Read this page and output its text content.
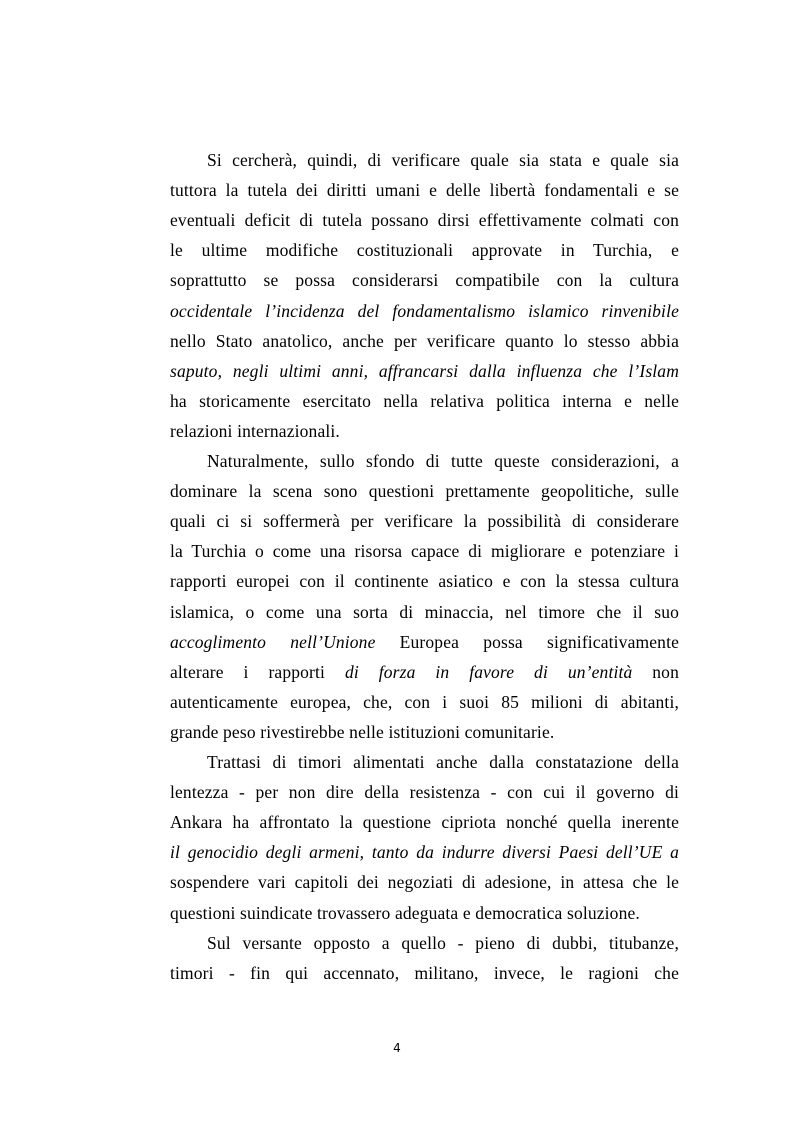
Si cercherà, quindi, di verificare quale sia stata e quale sia
tuttora la tutela dei diritti umani e delle libertà fondamentali e se
eventuali deficit di tutela possano dirsi effettivamente colmati con
le ultime modifiche costituzionali approvate in Turchia, e
soprattutto se possa considerarsi compatibile con la cultura
occidentale l’incidenza del fondamentalismo islamico rinvenibile
nello Stato anatolico, anche per verificare quanto lo stesso abbia
saputo, negli ultimi anni, affrancarsi dalla influenza che l’Islam
ha storicamente esercitato nella relativa politica interna e nelle
relazioni internazionali.
Naturalmente, sullo sfondo di tutte queste considerazioni, a
dominare la scena sono questioni prettamente geopolitiche, sulle
quali ci si soffermerà per verificare la possibilità di considerare
la Turchia o come una risorsa capace di migliorare e potenziare i
rapporti europei con il continente asiatico e con la stessa cultura
islamica, o come una sorta di minaccia, nel timore che il suo
accoglimento nell’Unione Europea possa significativamente
alterare i rapporti di forza in favore di un’entità non
autenticamente europea, che, con i suoi 85 milioni di abitanti,
grande peso rivestirebbe nelle istituzioni comunitarie.
Trattasi di timori alimentati anche dalla constatazione della
lentezza - per non dire della resistenza - con cui il governo di
Ankara ha affrontato la questione cipriota nonché quella inerente
il genocidio degli armeni, tanto da indurre diversi Paesi dell’UE a
sospendere vari capitoli dei negoziati di adesione, in attesa che le
questioni suindicate trovassero adeguata e democratica soluzione.
Sul versante opposto a quello - pieno di dubbi, titubanze,
timori - fin qui accennato, militano, invece, le ragioni che
4
